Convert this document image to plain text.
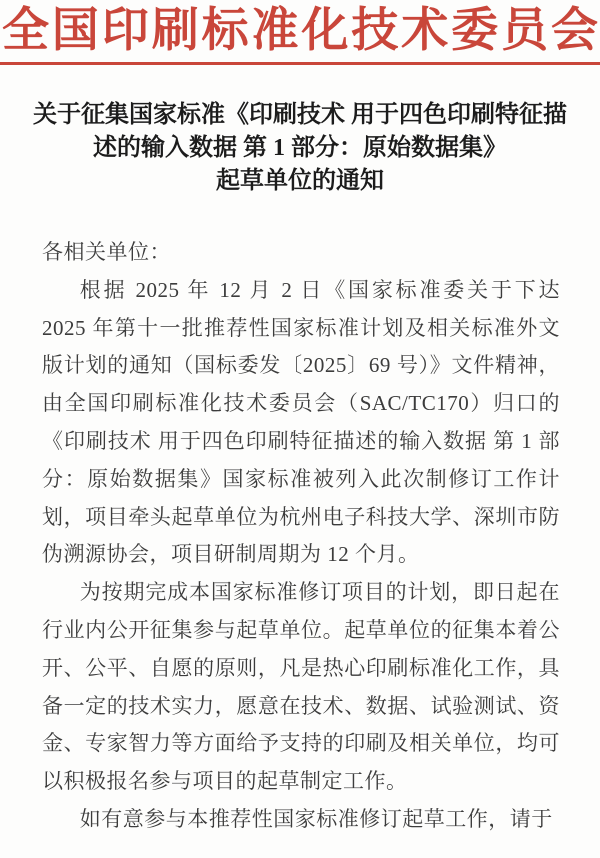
全国印刷标准化技术委员会
关于征集国家标准《印刷技术 用于四色印刷特征描
述的输入数据 第 1 部分：原始数据集》
起草单位的通知

各相关单位：

根据 2025 年 12 月 2 日《国家标准委关于下达 2025 年第十一批推荐性国家标准计划及相关标准外文版计划的通知（国标委发〔2025〕69 号）》文件精神，由全国印刷标准化技术委员会（SAC/TC170）归口的《印刷技术 用于四色印刷特征描述的输入数据 第 1 部分：原始数据集》国家标准被列入此次制修订工作计划，项目牵头起草单位为杭州电子科技大学、深圳市防伪溯源协会，项目研制周期为 12 个月。

为按期完成本国家标准修订项目的计划，即日起在行业内公开征集参与起草单位。起草单位的征集本着公开、公平、自愿的原则，凡是热心印刷标准化工作，具备一定的技术实力，愿意在技术、数据、试验测试、资金、专家智力等方面给予支持的印刷及相关单位，均可以积极报名参与项目的起草制定工作。

如有意参与本推荐性国家标准修订起草工作，请于
